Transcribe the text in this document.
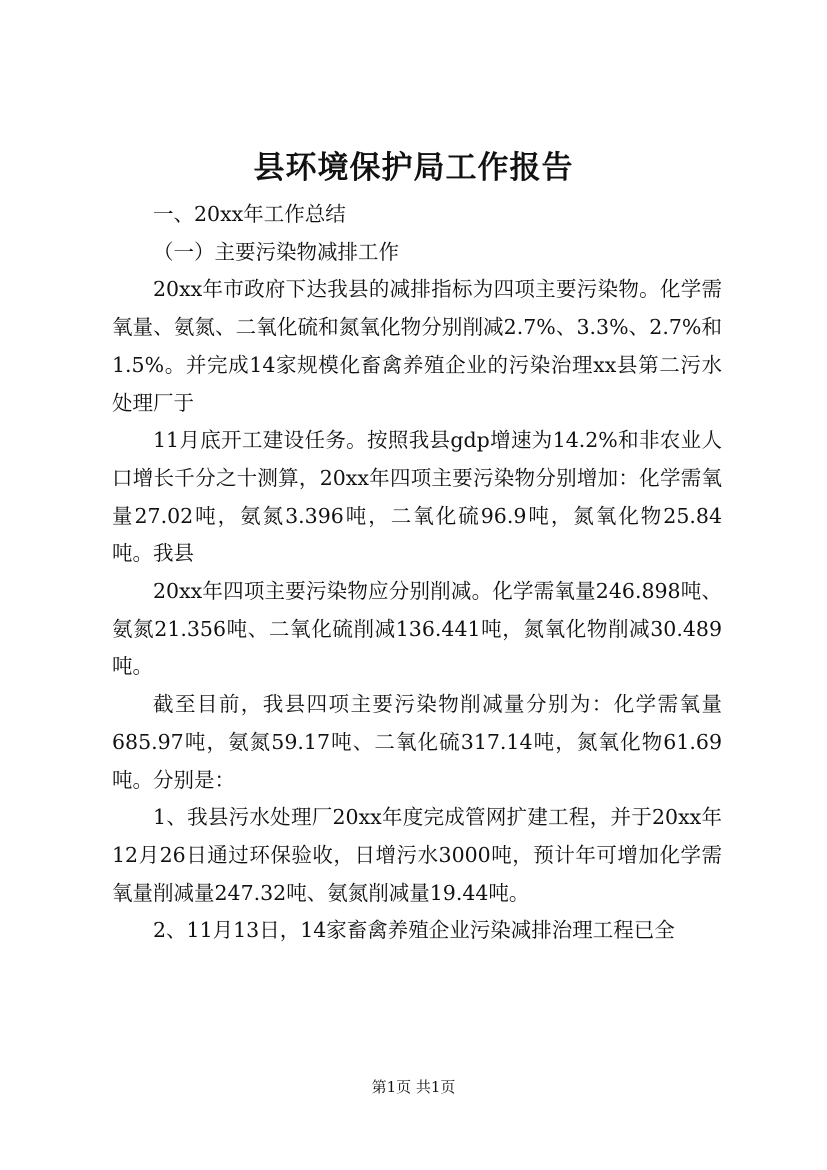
县环境保护局工作报告

一、20xx年工作总结

（一）主要污染物减排工作

20xx年市政府下达我县的减排指标为四项主要污染物。化学需氧量、氨氮、二氧化硫和氮氧化物分别削减2.7%、3.3%、2.7%和1.5%。并完成14家规模化畜禽养殖企业的污染治理xx县第二污水处理厂于

11月底开工建设任务。按照我县gdp增速为14.2%和非农业人口增长千分之十测算，20xx年四项主要污染物分别增加：化学需氧量27.02吨，氨氮3.396吨，二氧化硫96.9吨，氮氧化物25.84吨。我县

20xx年四项主要污染物应分别削减。化学需氧量246.898吨、氨氮21.356吨、二氧化硫削减136.441吨，氮氧化物削减30.489吨。

截至目前，我县四项主要污染物削减量分别为：化学需氧量685.97吨，氨氮59.17吨、二氧化硫317.14吨，氮氧化物61.69吨。分别是：

1、我县污水处理厂20xx年度完成管网扩建工程，并于20xx年12月26日通过环保验收，日增污水3000吨，预计年可增加化学需氧量削减量247.32吨、氨氮削减量19.44吨。

2、11月13日，14家畜禽养殖企业污染减排治理工程已全

第1页 共1页
